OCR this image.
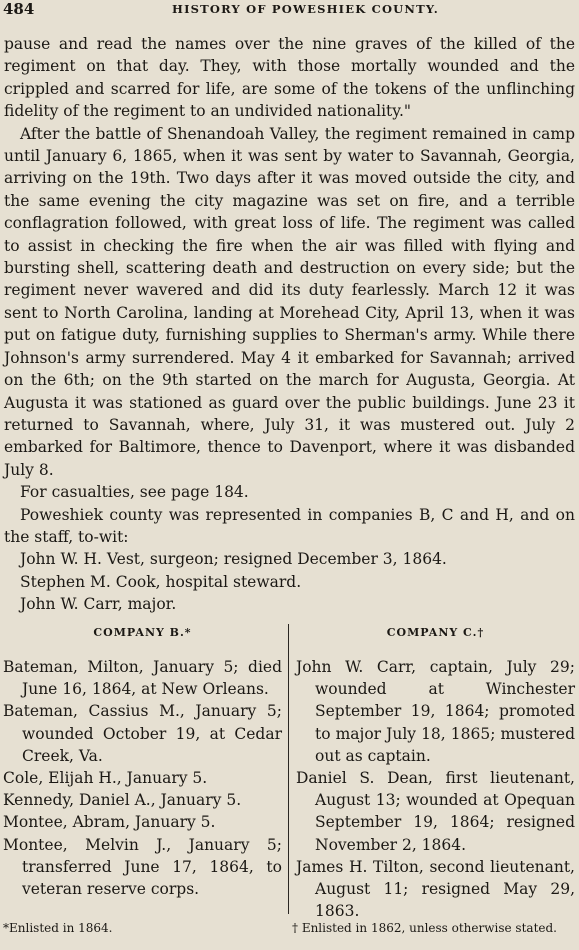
484	HISTORY OF POWESHIEK COUNTY.

pause and read the names over the nine graves of the killed of the regiment on that day. They, with those mortally wounded and the crippled and scarred for life, are some of the tokens of the unflinching fidelity of the regiment to an undivided nationality."

After the battle of Shenandoah Valley, the regiment remained in camp until January 6, 1865, when it was sent by water to Savannah, Georgia, arriving on the 19th. Two days after it was moved outside the city, and the same evening the city magazine was set on fire, and a terrible conflagration followed, with great loss of life. The regiment was called to assist in checking the fire when the air was filled with flying and bursting shell, scattering death and destruction on every side; but the regiment never wavered and did its duty fearlessly. March 12 it was sent to North Carolina, landing at Morehead City, April 13, when it was put on fatigue duty, furnishing supplies to Sherman's army. While there Johnson's army surrendered. May 4 it embarked for Savannah; arrived on the 6th; on the 9th started on the march for Augusta, Georgia. At Augusta it was stationed as guard over the public buildings. June 23 it returned to Savannah, where, July 31, it was mustered out. July 2 embarked for Baltimore, thence to Davenport, where it was disbanded July 8.

For casualties, see page 184.

Poweshiek county was represented in companies B, C and H, and on the staff, to-wit:

John W. H. Vest, surgeon; resigned December 3, 1864.

Stephen M. Cook, hospital steward.

John W. Carr, major.

COMPANY B.*

Bateman, Milton, January 5; died June 16, 1864, at New Orleans.

Bateman, Cassius M., January 5; wounded October 19, at Cedar Creek, Va.

Cole, Elijah H., January 5.

Kennedy, Daniel A., January 5.

Montee, Abram, January 5.

Montee, Melvin J., January 5; transferred June 17, 1864, to veteran reserve corps.

COMPANY C.†

John W. Carr, captain, July 29; wounded at Winchester September 19, 1864; promoted to major July 18, 1865; mustered out as captain.

Daniel S. Dean, first lieutenant, August 13; wounded at Opequan September 19, 1864; resigned November 2, 1864.

James H. Tilton, second lieutenant, August 11; resigned May 29, 1863.

*Enlisted in 1864.	† Enlisted in 1862, unless otherwise stated.
